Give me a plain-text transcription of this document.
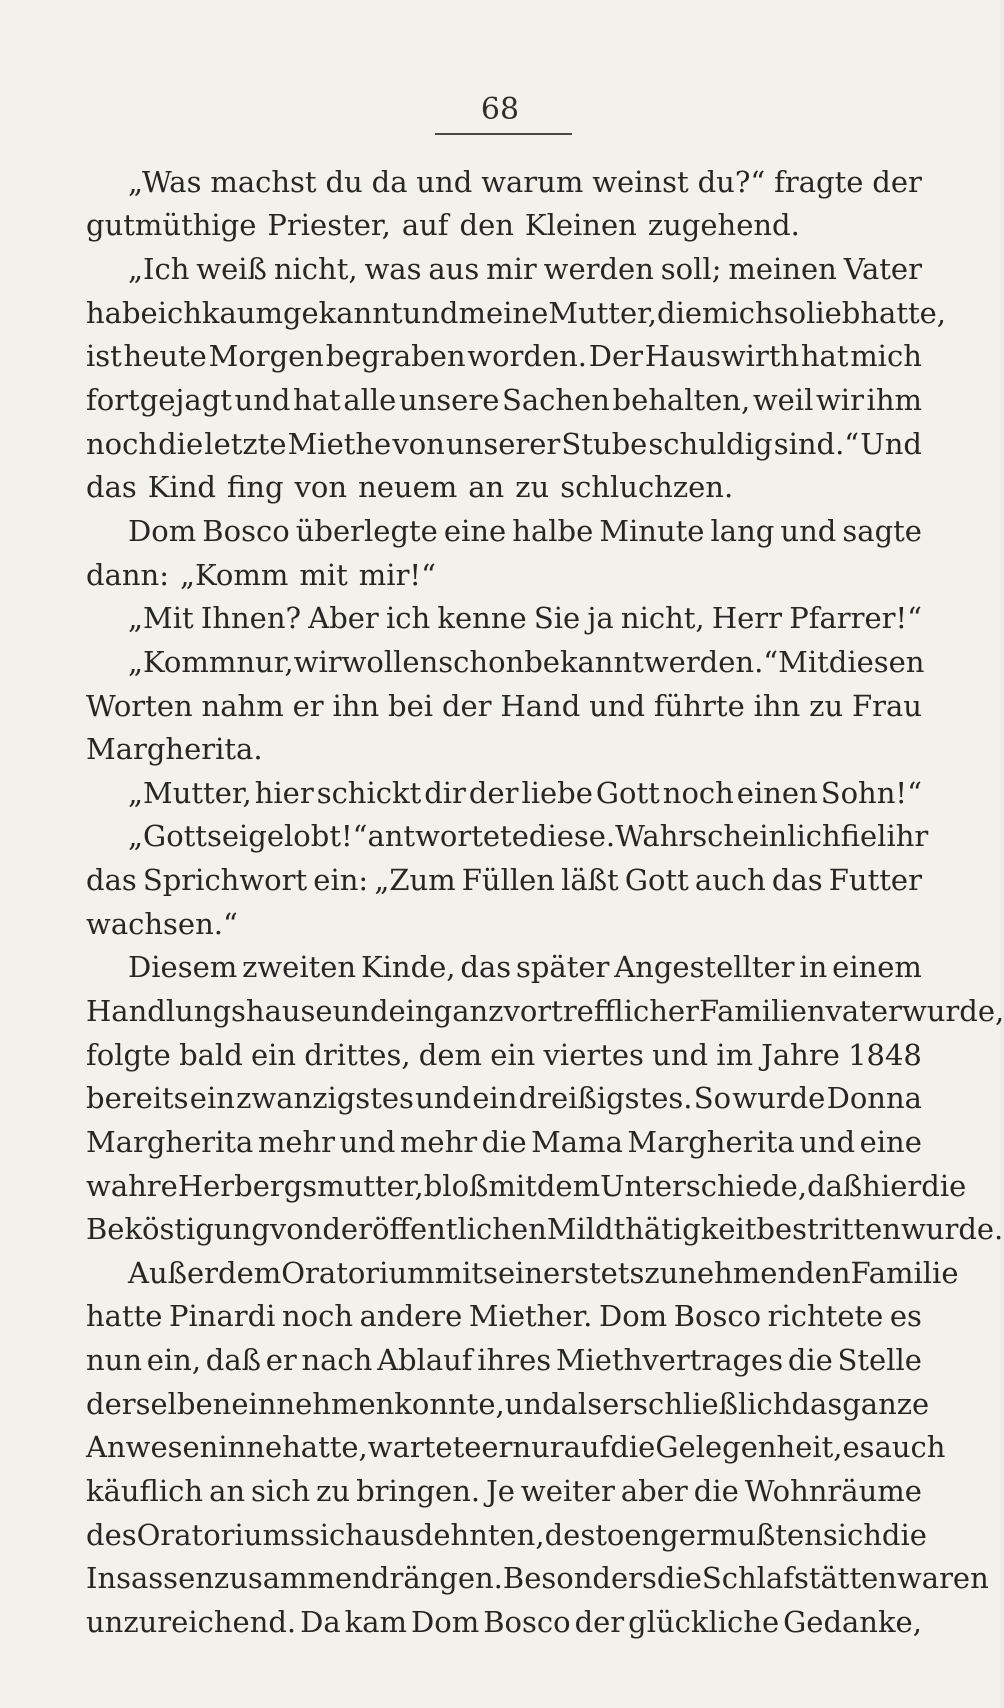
68
„Was machst du da und warum weinst du?“ fragte der
gutmüthige Priester, auf den Kleinen zugehend.
„Ich weiß nicht, was aus mir werden soll; meinen Vater
habe ich kaum gekannt und meine Mutter, die mich so lieb hatte,
ist heute Morgen begraben worden. Der Hauswirth hat mich
fortgejagt und hat alle unsere Sachen behalten, weil wir ihm
noch die letzte Miethe von unserer Stube schuldig sind.“ Und
das Kind fing von neuem an zu schluchzen.
Dom Bosco überlegte eine halbe Minute lang und sagte
dann: „Komm mit mir!“
„Mit Ihnen? Aber ich kenne Sie ja nicht, Herr Pfarrer!“
„Komm nur, wir wollen schon bekannt werden.“ Mit diesen
Worten nahm er ihn bei der Hand und führte ihn zu Frau
Margherita.
„Mutter, hier schickt dir der liebe Gott noch einen Sohn!“
„Gott sei gelobt!“ antwortete diese. Wahrscheinlich fiel ihr
das Sprichwort ein: „Zum Füllen läßt Gott auch das Futter
wachsen.“
Diesem zweiten Kinde, das später Angestellter in einem
Handlungshause und ein ganz vortrefflicher Familienvater wurde,
folgte bald ein drittes, dem ein viertes und im Jahre 1848
bereits ein zwanzigstes und ein dreißigstes. So wurde Donna
Margherita mehr und mehr die Mama Margherita und eine
wahre Herbergsmutter, bloß mit dem Unterschiede, daß hier die
Beköstigung von der öffentlichen Mildthätigkeit bestritten wurde.
Außer dem Oratorium mit seiner stets zunehmenden Familie
hatte Pinardi noch andere Miether. Dom Bosco richtete es
nun ein, daß er nach Ablauf ihres Miethvertrages die Stelle
derselben einnehmen konnte, und als er schließlich das ganze
Anwesen inne hatte, wartete er nur auf die Gelegenheit, es auch
käuflich an sich zu bringen. Je weiter aber die Wohnräume
des Oratoriums sich ausdehnten, desto enger mußten sich die
Insassen zusammendrängen. Besonders die Schlafstätten waren
unzureichend. Da kam Dom Bosco der glückliche Gedanke,
